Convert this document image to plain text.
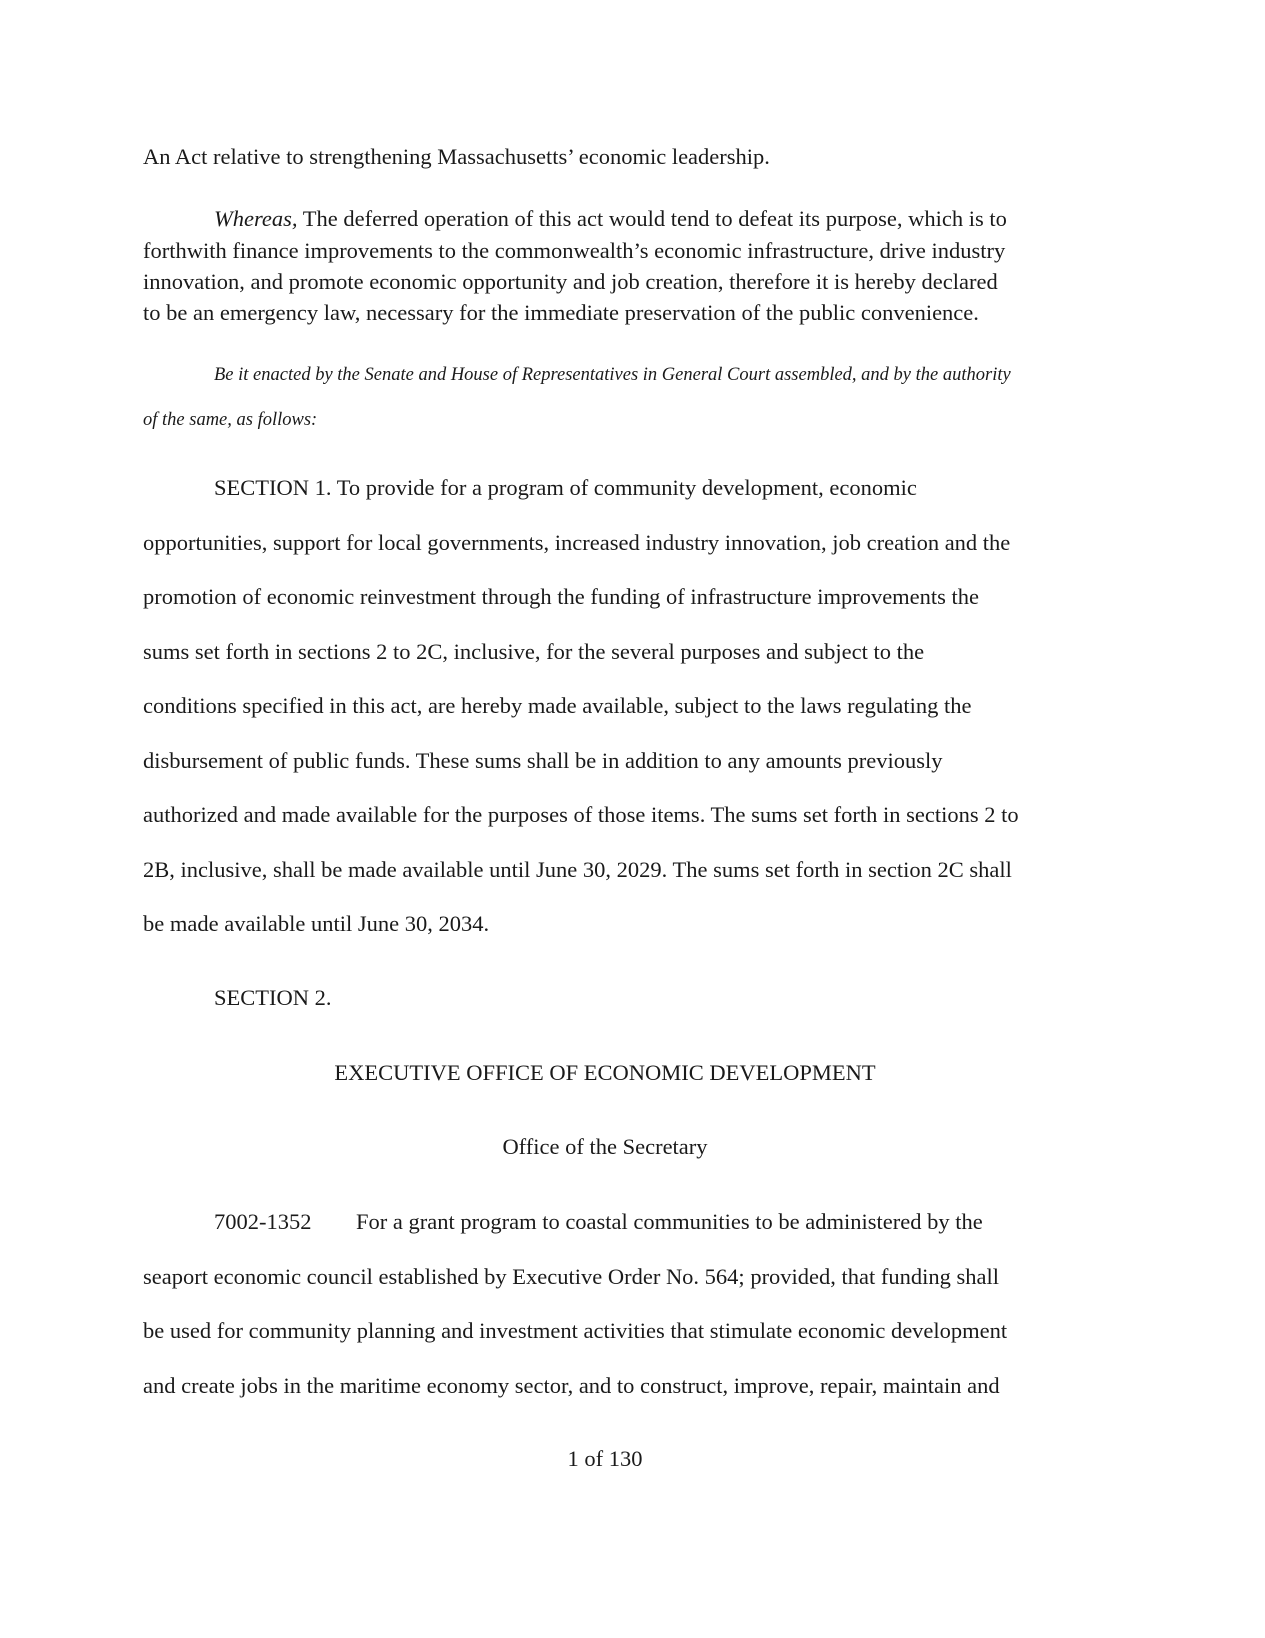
An Act relative to strengthening Massachusetts’ economic leadership.
Whereas, The deferred operation of this act would tend to defeat its purpose, which is to
forthwith finance improvements to the commonwealth’s economic infrastructure, drive industry
innovation, and promote economic opportunity and job creation, therefore it is hereby declared
to be an emergency law, necessary for the immediate preservation of the public convenience.
Be it enacted by the Senate and House of Representatives in General Court assembled, and by the authority
of the same, as follows:
SECTION 1. To provide for a program of community development, economic
opportunities, support for local governments, increased industry innovation, job creation and the
promotion of economic reinvestment through the funding of infrastructure improvements the
sums set forth in sections 2 to 2C, inclusive, for the several purposes and subject to the
conditions specified in this act, are hereby made available, subject to the laws regulating the
disbursement of public funds. These sums shall be in addition to any amounts previously
authorized and made available for the purposes of those items. The sums set forth in sections 2 to
2B, inclusive, shall be made available until June 30, 2029. The sums set forth in section 2C shall
be made available until June 30, 2034.
SECTION 2.
EXECUTIVE OFFICE OF ECONOMIC DEVELOPMENT
Office of the Secretary
7002-1352 For a grant program to coastal communities to be administered by the
seaport economic council established by Executive Order No. 564; provided, that funding shall
be used for community planning and investment activities that stimulate economic development
and create jobs in the maritime economy sector, and to construct, improve, repair, maintain and
1 of 130
